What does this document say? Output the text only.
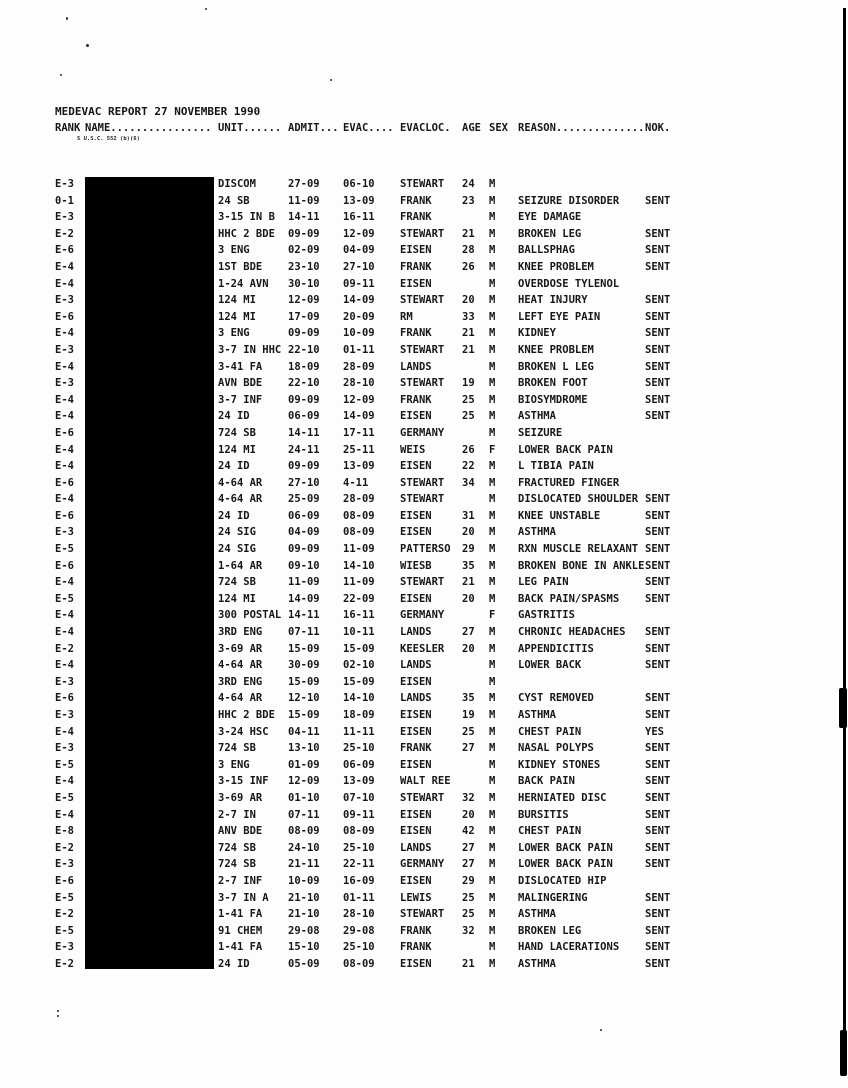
MEDEVAC REPORT 27 NOVEMBER 1990
RANK NAME................ UNIT...... ADMIT... EVAC.... EVACLOC.	AGE SEX REASON.............. NOK.
5 U.S.C. 552 (b)(6)
E-3	DISCOM	27-09	06-10	STEWART	24	M
0-1	24 SB	11-09	13-09	FRANK	23	M	SEIZURE DISORDER	SENT
E-3	3-15 IN B	14-11	16-11	FRANK	M	EYE DAMAGE
E-2	HHC 2 BDE	09-09	12-09	STEWART	21	M	BROKEN LEG	SENT
E-6	3 ENG	02-09	04-09	EISEN	28	M	BALLSPHAG	SENT
E-4	1ST BDE	23-10	27-10	FRANK	26	M	KNEE PROBLEM	SENT
E-4	1-24 AVN	30-10	09-11	EISEN	M	OVERDOSE TYLENOL
E-3	124 MI	12-09	14-09	STEWART	20	M	HEAT INJURY	SENT
E-6	124 MI	17-09	20-09	RM	33	M	LEFT EYE PAIN	SENT
E-4	3 ENG	09-09	10-09	FRANK	21	M	KIDNEY	SENT
E-3	3-7 IN HHC 22-10	01-11	STEWART	21	M	KNEE PROBLEM	SENT
E-4	3-41 FA	18-09	28-09	LANDS	M	BROKEN L LEG	SENT
E-3	AVN BDE	22-10	28-10	STEWART	19	M	BROKEN FOOT	SENT
E-4	3-7 INF	09-09	12-09	FRANK	25	M	BIOSYMDROME	SENT
E-4	24 ID	06-09	14-09	EISEN	25	M	ASTHMA	SENT
E-6	724 SB	14-11	17-11	GERMANY	M	SEIZURE
E-4	124 MI	24-11	25-11	WEIS	26	F	LOWER BACK PAIN
E-4	24 ID	09-09	13-09	EISEN	22	M	L TIBIA PAIN
E-6	4-64 AR	27-10	4-11	STEWART	34	M	FRACTURED FINGER
E-4	4-64 AR	25-09	28-09	STEWART	M	DISLOCATED SHOULDER SENT
E-6	24 ID	06-09	08-09	EISEN	31	M	KNEE UNSTABLE	SENT
E-3	24 SIG	04-09	08-09	EISEN	20	M	ASTHMA	SENT
E-5	24 SIG	09-09	11-09	PATTERSO	29	M	RXN MUSCLE RELAXANT SENT
E-6	1-64 AR	09-10	14-10	WIESB	35	M	BROKEN BONE IN ANKLE SENT
E-4	724 SB	11-09	11-09	STEWART	21	M	LEG PAIN	SENT
E-5	124 MI	14-09	22-09	EISEN	20	M	BACK PAIN/SPASMS	SENT
E-4	300 POSTAL 14-11	16-11	GERMANY	F	GASTRITIS
E-4	3RD ENG	07-11	10-11	LANDS	27	M	CHRONIC HEADACHES	SENT
E-2	3-69 AR	15-09	15-09	KEESLER	20	M	APPENDICITIS	SENT
E-4	4-64 AR	30-09	02-10	LANDS	M	LOWER BACK	SENT
E-3	3RD ENG	15-09	15-09	EISEN	M
E-6	4-64 AR	12-10	14-10	LANDS	35	M	CYST REMOVED	SENT
E-3	HHC 2 BDE	15-09	18-09	EISEN	19	M	ASTHMA	SENT
E-4	3-24 HSC	04-11	11-11	EISEN	25	M	CHEST PAIN	YES
E-3	724 SB	13-10	25-10	FRANK	27	M	NASAL POLYPS	SENT
E-5	3 ENG	01-09	06-09	EISEN	M	KIDNEY STONES	SENT
E-4	3-15 INF	12-09	13-09	WALT REE	M	BACK PAIN	SENT
E-5	3-69 AR	01-10	07-10	STEWART	32	M	HERNIATED DISC	SENT
E-4	2-7 IN	07-11	09-11	EISEN	20	M	BURSITIS	SENT
E-8	ANV BDE	08-09	08-09	EISEN	42	M	CHEST PAIN	SENT
E-2	724 SB	24-10	25-10	LANDS	27	M	LOWER BACK PAIN	SENT
E-3	724 SB	21-11	22-11	GERMANY	27	M	LOWER BACK PAIN	SENT
E-6	2-7 INF	10-09	16-09	EISEN	29	M	DISLOCATED HIP
E-5	3-7 IN A	21-10	01-11	LEWIS	25	M	MALINGERING	SENT
E-2	1-41 FA	21-10	28-10	STEWART	25	M	ASTHMA	SENT
E-5	91 CHEM	29-08	29-08	FRANK	32	M	BROKEN LEG	SENT
E-3	1-41 FA	15-10	25-10	FRANK	M	HAND LACERATIONS	SENT
E-2	24 ID	05-09	08-09	EISEN	21	M	ASTHMA	SENT
